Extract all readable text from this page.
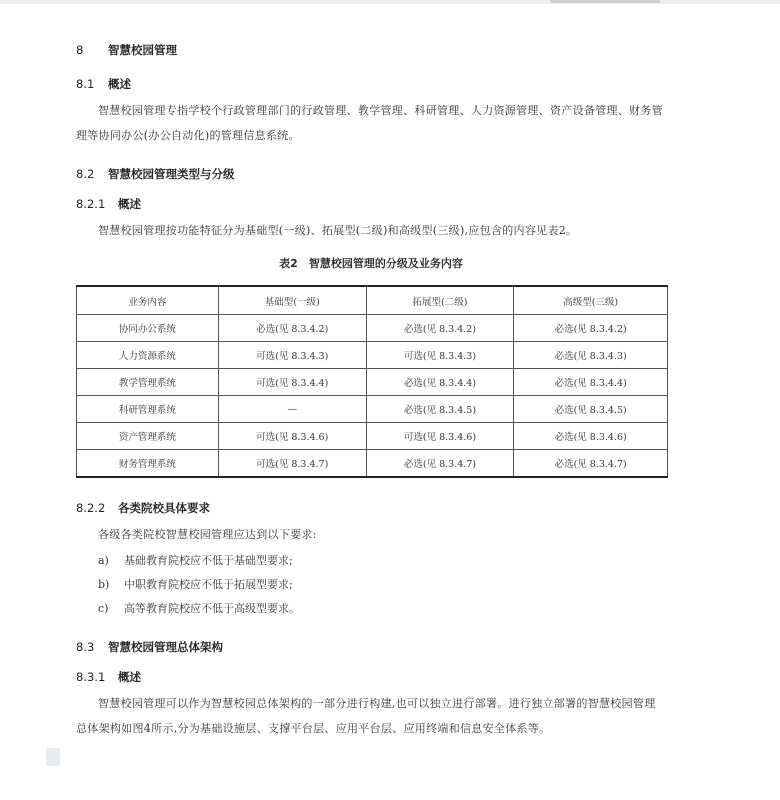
8 智慧校园管理
8.1 概述
智慧校园管理专指学校个行政管理部门的行政管理、教学管理、科研管理、人力资源管理、资产设备管理、财务管理等协同办公(办公自动化)的管理信息系统。
8.2 智慧校园管理类型与分级
8.2.1 概述
智慧校园管理按功能特征分为基础型(一级)、拓展型(二级)和高级型(三级),应包含的内容见表2。
表2　智慧校园管理的分级及业务内容
业务内容	基础型(一级)	拓展型(二级)	高级型(三级)
协同办公系统	必选(见 8.3.4.2)	必选(见 8.3.4.2)	必选(见 8.3.4.2)
人力资源系统	可选(见 8.3.4.3)	可选(见 8.3.4.3)	必选(见 8.3.4.3)
教学管理系统	可选(见 8.3.4.4)	必选(见 8.3.4.4)	必选(见 8.3.4.4)
科研管理系统	—	必选(见 8.3.4.5)	必选(见 8.3.4.5)
资产管理系统	可选(见 8.3.4.6)	可选(见 8.3.4.6)	必选(见 8.3.4.6)
财务管理系统	可选(见 8.3.4.7)	必选(见 8.3.4.7)	必选(见 8.3.4.7)
8.2.2 各类院校具体要求
各级各类院校智慧校园管理应达到以下要求:
a) 基础教育院校应不低于基础型要求;
b) 中职教育院校应不低于拓展型要求;
c) 高等教育院校应不低于高级型要求。
8.3 智慧校园管理总体架构
8.3.1 概述
智慧校园管理可以作为智慧校园总体架构的一部分进行构建,也可以独立进行部署。进行独立部署的智慧校园管理总体架构如图4所示,分为基础设施层、支撑平台层、应用平台层、应用终端和信息安全体系等。
